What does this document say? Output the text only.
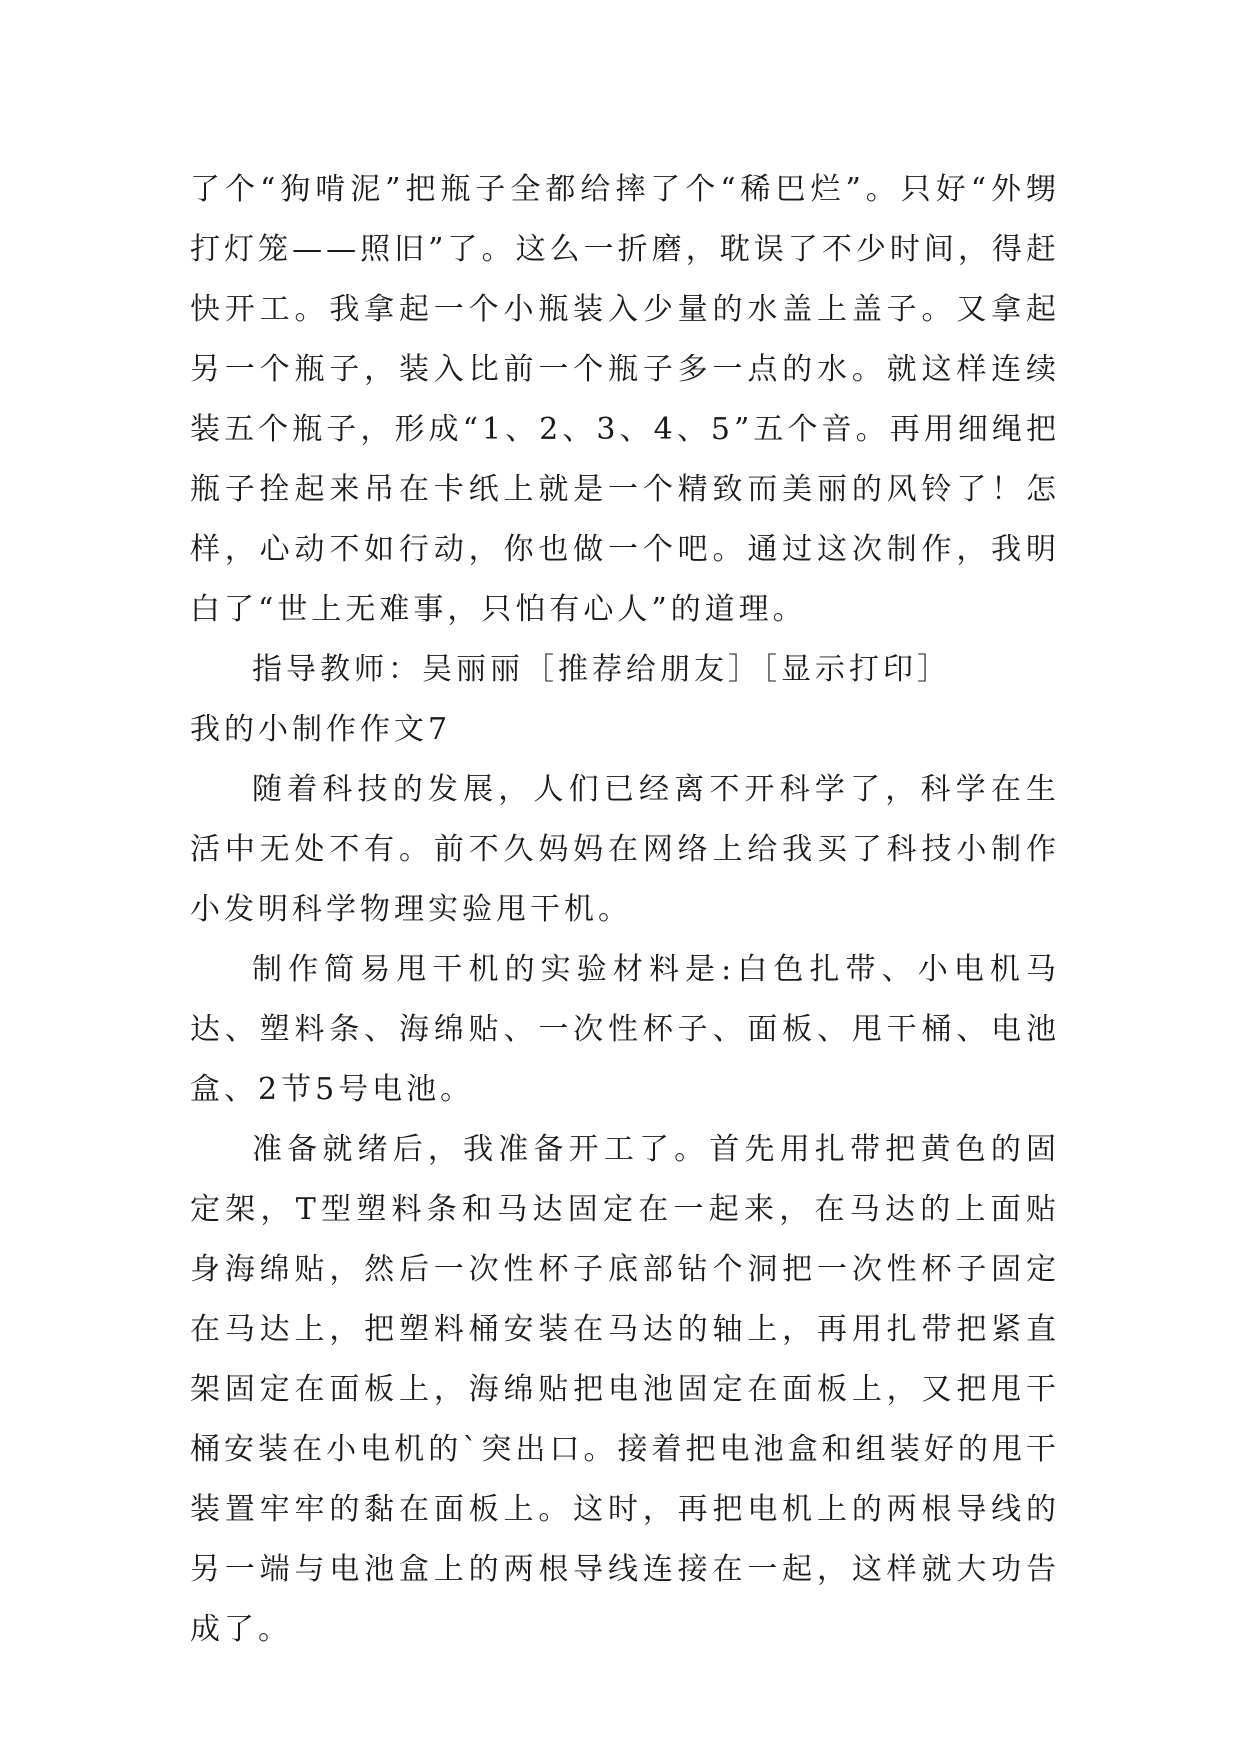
了个“狗啃泥”把瓶子全都给摔了个“稀巴烂”。只好“外甥打灯笼——照旧”了。这么一折磨，耽误了不少时间，得赶快开工。我拿起一个小瓶装入少量的水盖上盖子。又拿起另一个瓶子，装入比前一个瓶子多一点的水。就这样连续装五个瓶子，形成“1、2、3、4、5”五个音。再用细绳把瓶子拴起来吊在卡纸上就是一个精致而美丽的风铃了！怎样，心动不如行动，你也做一个吧。通过这次制作，我明白了“世上无难事，只怕有心人”的道理。

指导教师：吴丽丽［推荐给朋友］［显示打印］

我的小制作作文7

随着科技的发展，人们已经离不开科学了，科学在生活中无处不有。前不久妈妈在网络上给我买了科技小制作小发明科学物理实验甩干机。

制作简易甩干机的实验材料是:白色扎带、小电机马达、塑料条、海绵贴、一次性杯子、面板、甩干桶、电池盒、2节5号电池。

准备就绪后，我准备开工了。首先用扎带把黄色的固定架，T型塑料条和马达固定在一起来，在马达的上面贴身海绵贴，然后一次性杯子底部钻个洞把一次性杯子固定在马达上，把塑料桶安装在马达的轴上，再用扎带把紧直架固定在面板上，海绵贴把电池固定在面板上，又把甩干桶安装在小电机的`突出口。接着把电池盒和组装好的甩干装置牢牢的黏在面板上。这时，再把电机上的两根导线的另一端与电池盒上的两根导线连接在一起，这样就大功告成了。
